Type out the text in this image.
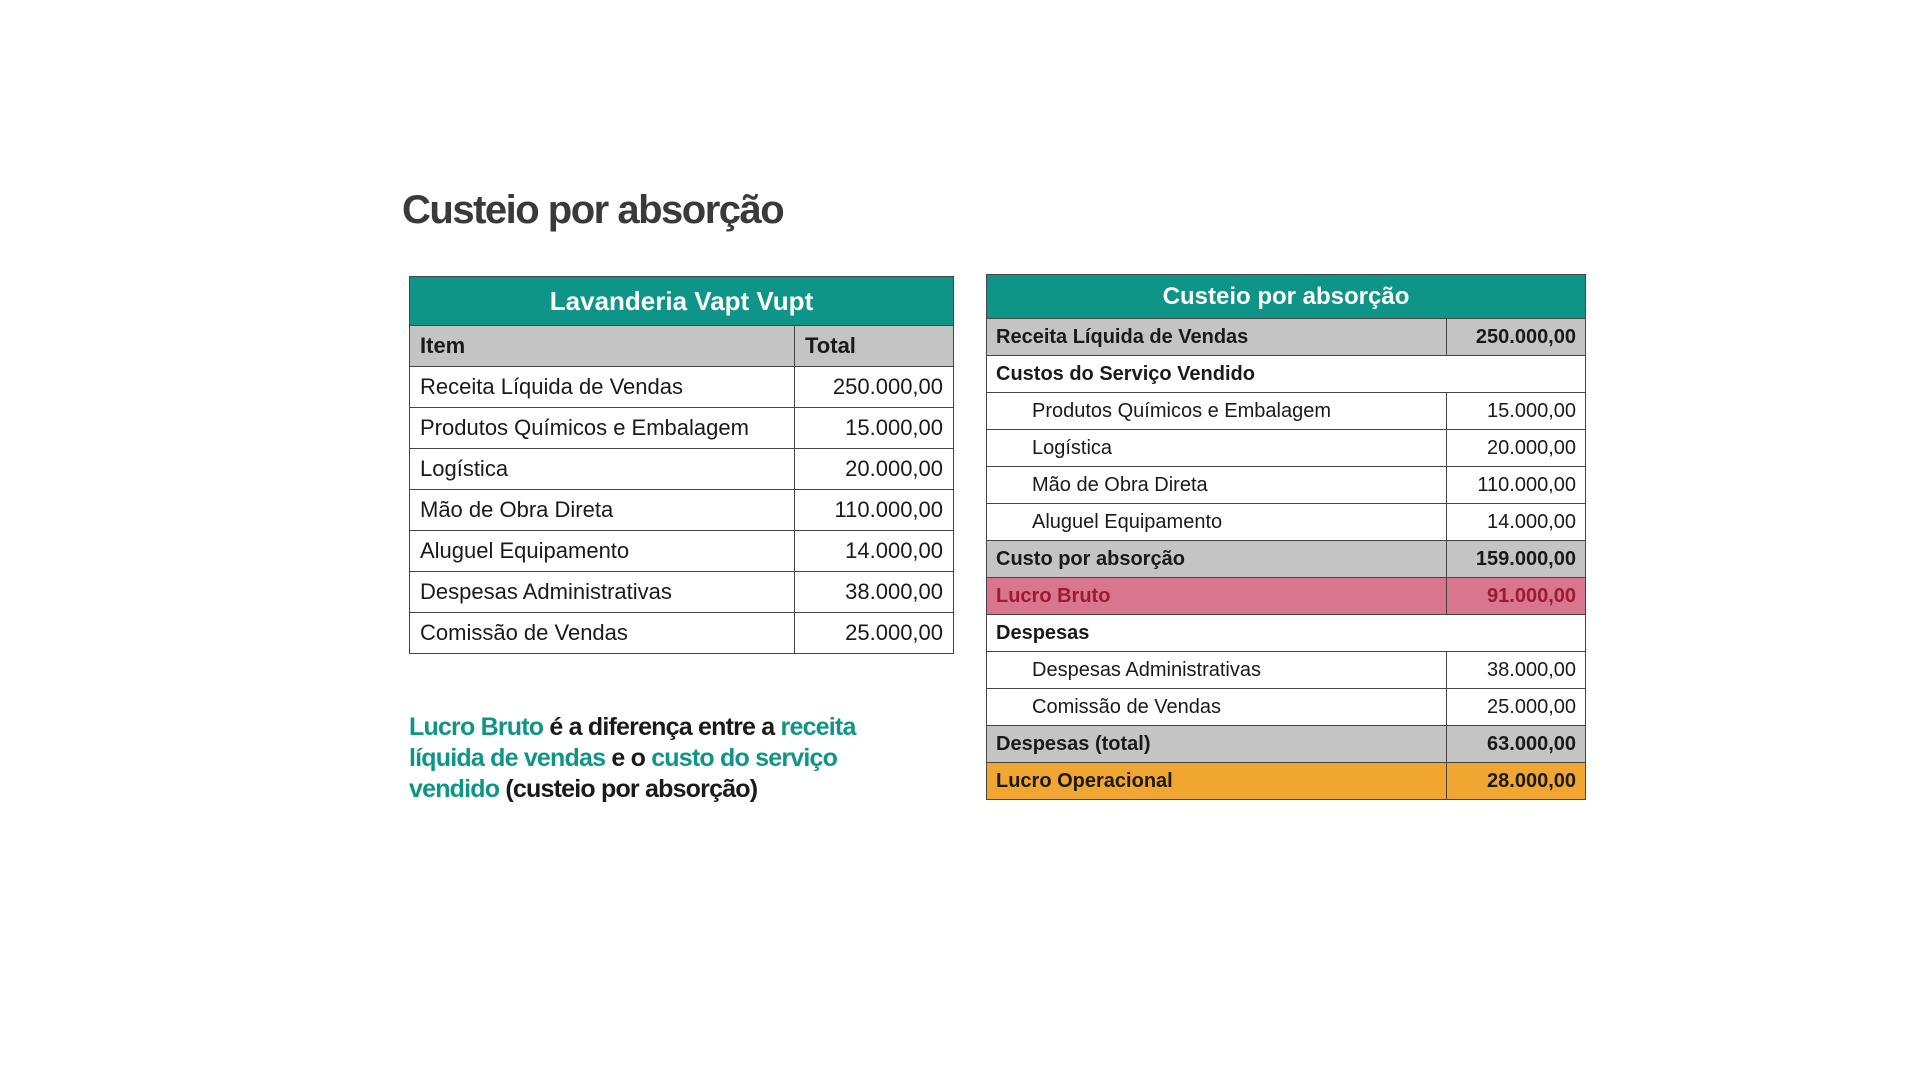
Custeio por absorção
Lavanderia Vapt Vupt	
Item	Total
Receita Líquida de Vendas	250.000,00
Produtos Químicos e Embalagem	15.000,00
Logística	20.000,00
Mão de Obra Direta	110.000,00
Aluguel Equipamento	14.000,00
Despesas Administrativas	38.000,00
Comissão de Vendas	25.000,00
Custeio por absorção	
Receita Líquida de Vendas	250.000,00
Custos do Serviço Vendido	
Produtos Químicos e Embalagem	15.000,00
Logística	20.000,00
Mão de Obra Direta	110.000,00
Aluguel Equipamento	14.000,00
Custo por absorção	159.000,00
Lucro Bruto	91.000,00
Despesas	
Despesas Administrativas	38.000,00
Comissão de Vendas	25.000,00
Despesas (total)	63.000,00
Lucro Operacional	28.000,00
Lucro Bruto é a diferença entre a receita líquida de vendas e o custo do serviço vendido (custeio por absorção)
